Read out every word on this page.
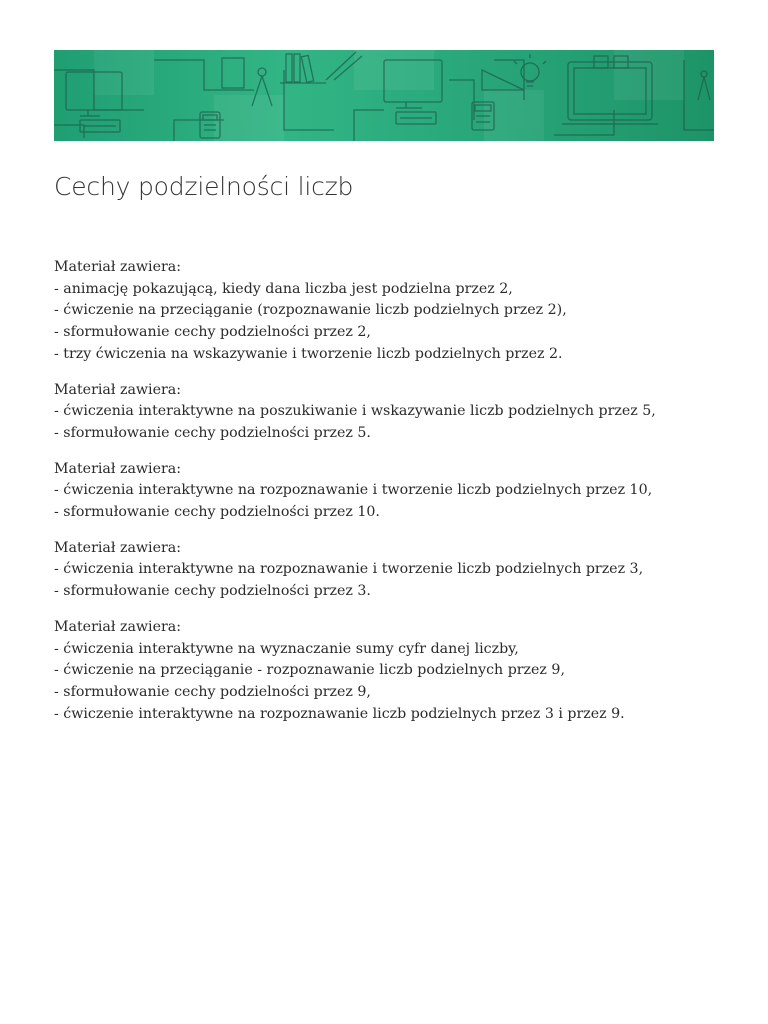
Cechy podzielności liczb
Materiał zawiera:
- animację pokazującą, kiedy dana liczba jest podzielna przez 2,
- ćwiczenie na przeciąganie (rozpoznawanie liczb podzielnych przez 2),
- sformułowanie cechy podzielności przez 2,
- trzy ćwiczenia na wskazywanie i tworzenie liczb podzielnych przez 2.
Materiał zawiera:
- ćwiczenia interaktywne na poszukiwanie i wskazywanie liczb podzielnych przez 5,
- sformułowanie cechy podzielności przez 5.
Materiał zawiera:
- ćwiczenia interaktywne na rozpoznawanie i tworzenie liczb podzielnych przez 10,
- sformułowanie cechy podzielności przez 10.
Materiał zawiera:
- ćwiczenia interaktywne na rozpoznawanie i tworzenie liczb podzielnych przez 3,
- sformułowanie cechy podzielności przez 3.
Materiał zawiera:
- ćwiczenia interaktywne na wyznaczanie sumy cyfr danej liczby,
- ćwiczenie na przeciąganie - rozpoznawanie liczb podzielnych przez 9,
- sformułowanie cechy podzielności przez 9,
- ćwiczenie interaktywne na rozpoznawanie liczb podzielnych przez 3 i przez 9.
